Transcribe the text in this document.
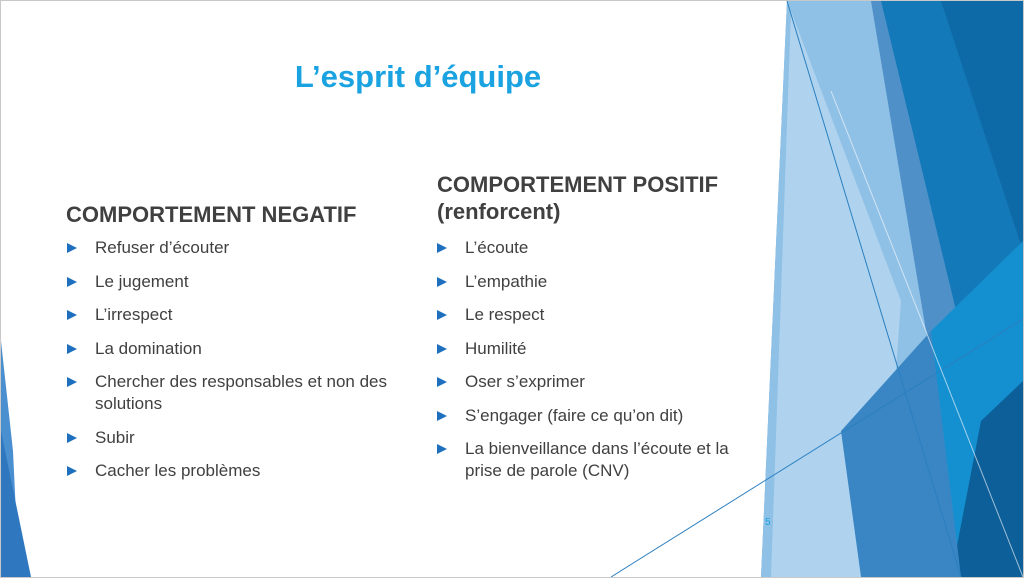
L’esprit d’équipe
COMPORTEMENT NEGATIF
Refuser d’écouter
Le jugement
L’irrespect
La domination
Chercher des responsables et non des solutions
Subir
Cacher les problèmes
COMPORTEMENT POSITIF
(renforcent)
L’écoute
L’empathie
Le respect
Humilité
Oser s’exprimer
S’engager (faire ce qu’on dit)
La bienveillance dans l’écoute et la prise de parole (CNV)
5
